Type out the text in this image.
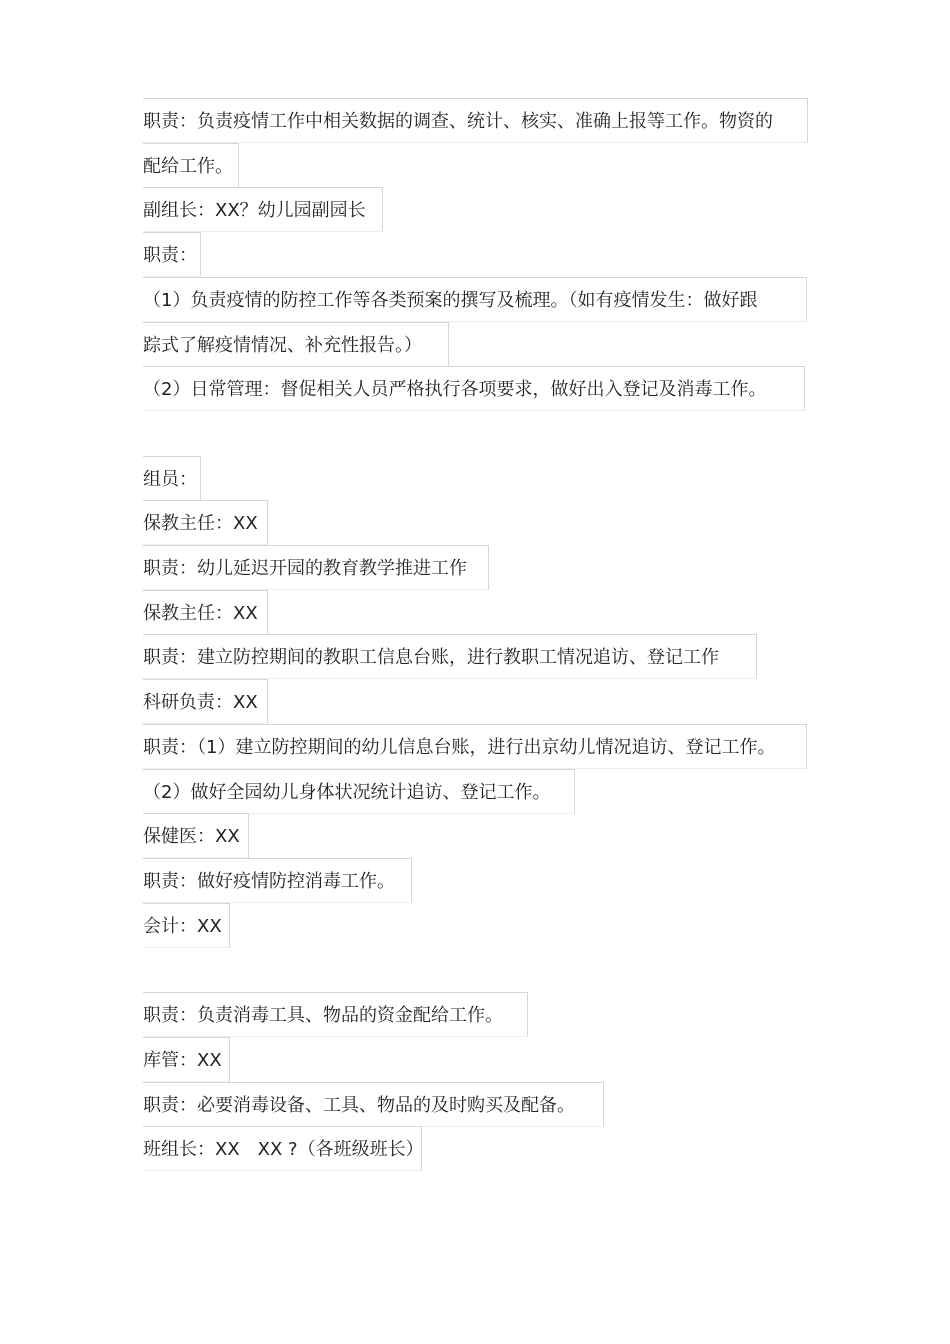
职责：负责疫情工作中相关数据的调查、统计、核实、准确上报等工作。物资的
配给工作。
副组长：XX？幼儿园副园长
职责：
（1）负责疫情的防控工作等各类预案的撰写及梳理。（如有疫情发生：做好跟
踪式了解疫情情况、补充性报告。）
（2）日常管理：督促相关人员严格执行各项要求，做好出入登记及消毒工作。
组员：
保教主任：XX
职责：幼儿延迟开园的教育教学推进工作
保教主任：XX
职责：建立防控期间的教职工信息台账，进行教职工情况追访、登记工作
科研负责：XX
职责：（1）建立防控期间的幼儿信息台账，进行出京幼儿情况追访、登记工作。
（2）做好全园幼儿身体状况统计追访、登记工作。
保健医：XX
职责：做好疫情防控消毒工作。
会计：XX
职责：负责消毒工具、物品的资金配给工作。
库管：XX
职责：必要消毒设备、工具、物品的及时购买及配备。
班组长：XX　XX ?（各班级班长）
